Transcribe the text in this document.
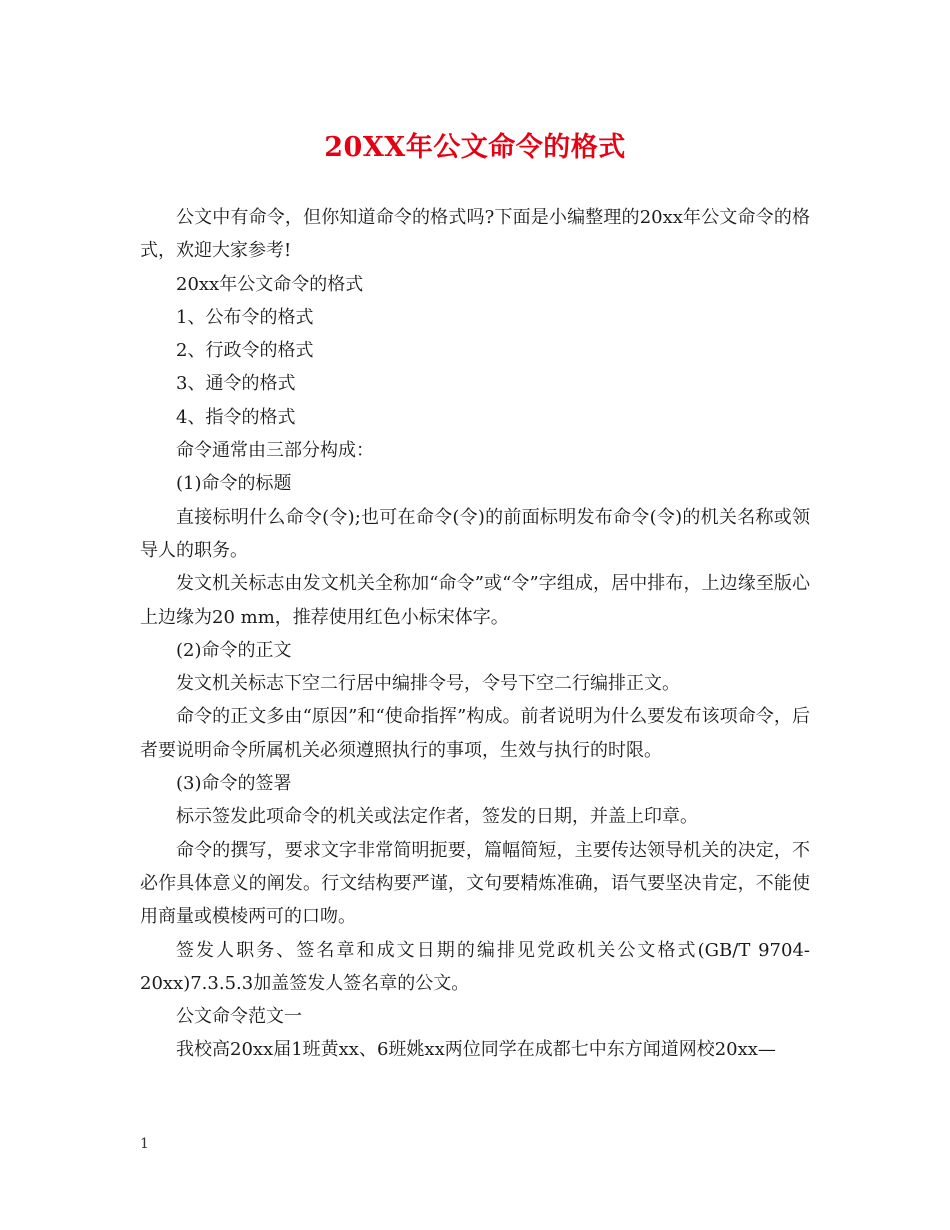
20XX年公文命令的格式

公文中有命令，但你知道命令的格式吗?下面是小编整理的20xx年公文命令的格式，欢迎大家参考!

20xx年公文命令的格式

1、公布令的格式

2、行政令的格式

3、通令的格式

4、指令的格式

命令通常由三部分构成：

(1)命令的标题

直接标明什么命令(令);也可在命令(令)的前面标明发布命令(令)的机关名称或领导人的职务。

发文机关标志由发文机关全称加“命令”或“令”字组成，居中排布，上边缘至版心上边缘为20 mm，推荐使用红色小标宋体字。

(2)命令的正文

发文机关标志下空二行居中编排令号，令号下空二行编排正文。

命令的正文多由“原因”和“使命指挥”构成。前者说明为什么要发布该项命令，后者要说明命令所属机关必须遵照执行的事项，生效与执行的时限。

(3)命令的签署

标示签发此项命令的机关或法定作者，签发的日期，并盖上印章。

命令的撰写，要求文字非常简明扼要，篇幅简短，主要传达领导机关的决定，不必作具体意义的阐发。行文结构要严谨，文句要精炼准确，语气要坚决肯定，不能使用商量或模棱两可的口吻。

签发人职务、签名章和成文日期的编排见党政机关公文格式(GB/T 9704-20xx)7.3.5.3加盖签发人签名章的公文。

公文命令范文一

我校高20xx届1班黄xx、6班姚xx两位同学在成都七中东方闻道网校20xx—

1
